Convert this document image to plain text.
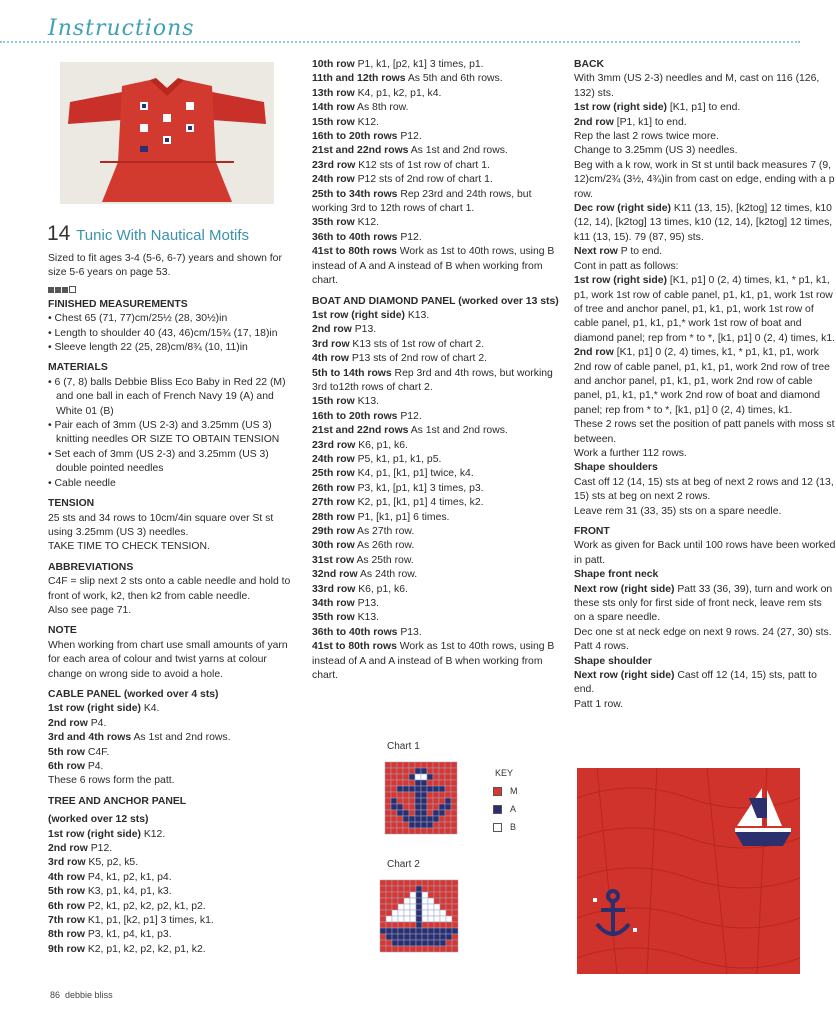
Instructions
14 Tunic With Nautical Motifs

Sized to fit ages 3-4 (5-6, 6-7) years and shown for size 5-6 years on page 53.

FINISHED MEASUREMENTS

• Chest 65 (71, 77)cm/25½ (28, 30½)in

• Length to shoulder 40 (43, 46)cm/15¾ (17, 18)in

• Sleeve length 22 (25, 28)cm/8¾ (10, 11)in

MATERIALS

• 6 (7, 8) balls Debbie Bliss Eco Baby in Red 22 (M) and one ball in each of French Navy 19 (A) and White 01 (B)

• Pair each of 3mm (US 2-3) and 3.25mm (US 3) knitting needles OR SIZE TO OBTAIN TENSION

• Set each of 3mm (US 2-3) and 3.25mm (US 3) double pointed needles

• Cable needle

TENSION

25 sts and 34 rows to 10cm/4in square over St st using 3.25mm (US 3) needles.

TAKE TIME TO CHECK TENSION.

ABBREVIATIONS

C4F = slip next 2 sts onto a cable needle and hold to front of work, k2, then k2 from cable needle.

Also see page 71.

NOTE

When working from chart use small amounts of yarn for each area of colour and twist yarns at colour change on wrong side to avoid a hole.

CABLE PANEL (worked over 4 sts)

1st row (right side) K4.

2nd row P4.

3rd and 4th rows As 1st and 2nd rows.

5th row C4F.

6th row P4.

These 6 rows form the patt.

TREE AND ANCHOR PANEL

(worked over 12 sts)

1st row (right side) K12.

2nd row P12.

3rd row K5, p2, k5.

4th row P4, k1, p2, k1, p4.

5th row K3, p1, k4, p1, k3.

6th row P2, k1, p2, k2, p2, k1, p2.

7th row K1, p1, [k2, p1] 3 times, k1.

8th row P3, k1, p4, k1, p3.

9th row K2, p1, k2, p2, k2, p1, k2.

10th row P1, k1, [p2, k1] 3 times, p1.

11th and 12th rows As 5th and 6th rows.

13th row K4, p1, k2, p1, k4.

14th row As 8th row.

15th row K12.

16th to 20th rows P12.

21st and 22nd rows As 1st and 2nd rows.

23rd row K12 sts of 1st row of chart 1.

24th row P12 sts of 2nd row of chart 1.

25th to 34th rows Rep 23rd and 24th rows, but working 3rd to 12th rows of chart 1.

35th row K12.

36th to 40th rows P12.

41st to 80th rows Work as 1st to 40th rows, using B instead of A and A instead of B when working from chart.

BOAT AND DIAMOND PANEL (worked over 13 sts)

1st row (right side) K13.

2nd row P13.

3rd row K13 sts of 1st row of chart 2.

4th row P13 sts of 2nd row of chart 2.

5th to 14th rows Rep 3rd and 4th rows, but working 3rd to12th rows of chart 2.

15th row K13.

16th to 20th rows P12.

21st and 22nd rows As 1st and 2nd rows.

23rd row K6, p1, k6.

24th row P5, k1, p1, k1, p5.

25th row K4, p1, [k1, p1] twice, k4.

26th row P3, k1, [p1, k1] 3 times, p3.

27th row K2, p1, [k1, p1] 4 times, k2.

28th row P1, [k1, p1] 6 times.

29th row As 27th row.

30th row As 26th row.

31st row As 25th row.

32nd row As 24th row.

33rd row K6, p1, k6.

34th row P13.

35th row K13.

36th to 40th rows P13.

41st to 80th rows Work as 1st to 40th rows, using B instead of A and A instead of B when working from chart.

Chart 1
Chart 2
KEY
M
A
B

BACK

With 3mm (US 2-3) needles and M, cast on 116 (126, 132) sts.

1st row (right side) [K1, p1] to end.

2nd row [P1, k1] to end.

Rep the last 2 rows twice more.

Change to 3.25mm (US 3) needles.

Beg with a k row, work in St st until back measures 7 (9, 12)cm/2¾ (3½, 4¾)in from cast on edge, ending with a p row.

Dec row (right side) K11 (13, 15), [k2tog] 12 times, k10 (12, 14), [k2tog] 13 times, k10 (12, 14), [k2tog] 12 times, k11 (13, 15). 79 (87, 95) sts.

Next row P to end.

Cont in patt as follows:

1st row (right side) [K1, p1] 0 (2, 4) times, k1, * p1, k1, p1, work 1st row of cable panel, p1, k1, p1, work 1st row of tree and anchor panel, p1, k1, p1, work 1st row of cable panel, p1, k1, p1,* work 1st row of boat and diamond panel; rep from * to *, [k1, p1] 0 (2, 4) times, k1.

2nd row [K1, p1] 0 (2, 4) times, k1, * p1, k1, p1, work 2nd row of cable panel, p1, k1, p1, work 2nd row of tree and anchor panel, p1, k1, p1, work 2nd row of cable panel, p1, k1, p1,* work 2nd row of boat and diamond panel; rep from * to *, [k1, p1] 0 (2, 4) times, k1.

These 2 rows set the position of patt panels with moss st between.

Work a further 112 rows.

Shape shoulders

Cast off 12 (14, 15) sts at beg of next 2 rows and 12 (13, 15) sts at beg on next 2 rows.

Leave rem 31 (33, 35) sts on a spare needle.

FRONT

Work as given for Back until 100 rows have been worked in patt.

Shape front neck

Next row (right side) Patt 33 (36, 39), turn and work on these sts only for first side of front neck, leave rem sts on a spare needle.

Dec one st at neck edge on next 9 rows. 24 (27, 30) sts.

Patt 4 rows.

Shape shoulder

Next row (right side) Cast off 12 (14, 15) sts, patt to end.

Patt 1 row.

86 debbie bliss
